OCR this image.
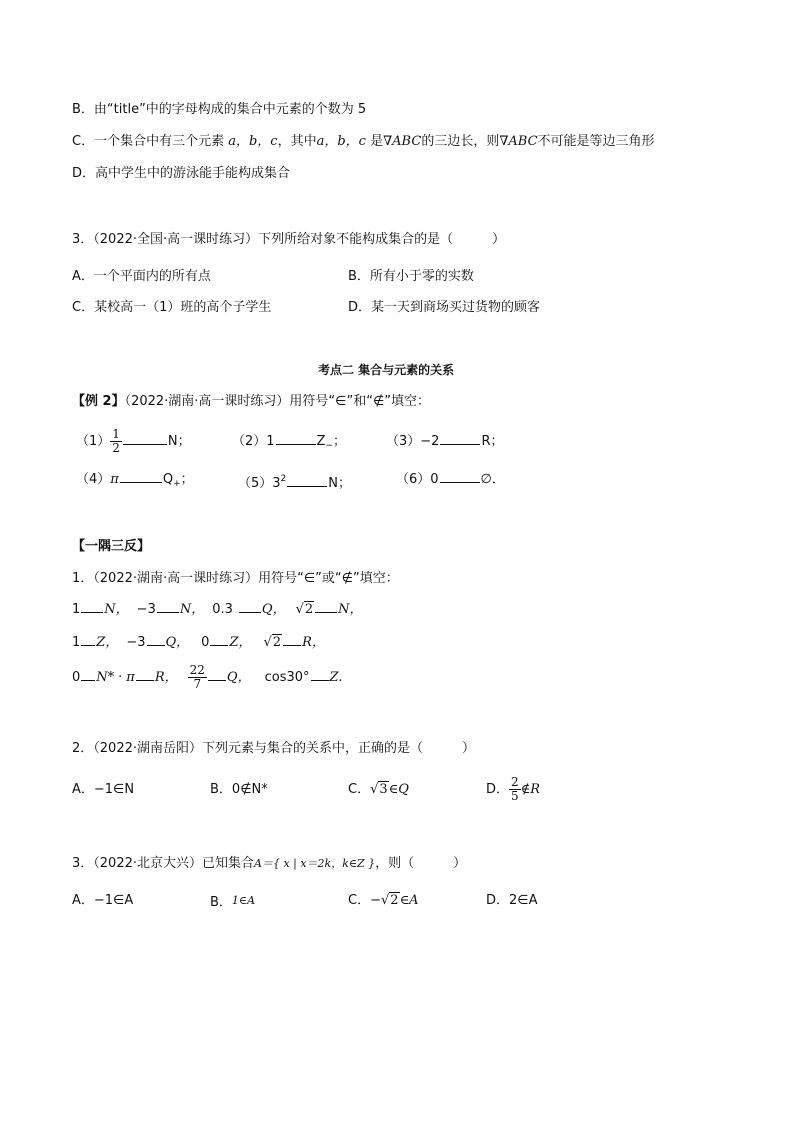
B．由“title”中的字母构成的集合中元素的个数为 5
C．一个集合中有三个元素 a，b，c，其中a，b，c 是∇ABC的三边长，则∇ABC不可能是等边三角形
D．高中学生中的游泳能手能构成集合
3．（2022·全国·高一课时练习）下列所给对象不能构成集合的是（　　　）
A．一个平面内的所有点	B．所有小于零的实数
C．某校高一（1）班的高个子学生	D．某一天到商场买过货物的顾客
考点二 集合与元素的关系
【例 2】（2022·湖南·高一课时练习）用符号“∈”和“∉”填空：
$(1) \frac{1}{2}$	N；	（2）1	$Z_-$；	（3）−2	R；
（4）π	$Q_+$；	$(5)3^2$	N；	（6）0	∅．
【一隅三反】
1．（2022·湖南·高一课时练习）用符号“∈”或“∉”填空：
1 N， −3 N， 0.3 Q， √2 N，
1 Z， −3 Q， 0 Z， √2 R，
0 N* · π R， $\frac{22}{7}$ Q， cos30° Z.
2．（2022·湖南岳阳）下列元素与集合的关系中，正确的是（　　　）
A．−1∈N	B．0∉N*	C．√3∈Q	D． $\frac{2}{5}$ ∉R
3．（2022·北京大兴）已知集合A＝{ x | x＝2k，k∈Z }，则（　　　）
A．−1∈A	B．1∈A	C．−√2∈A	D．2∈A
